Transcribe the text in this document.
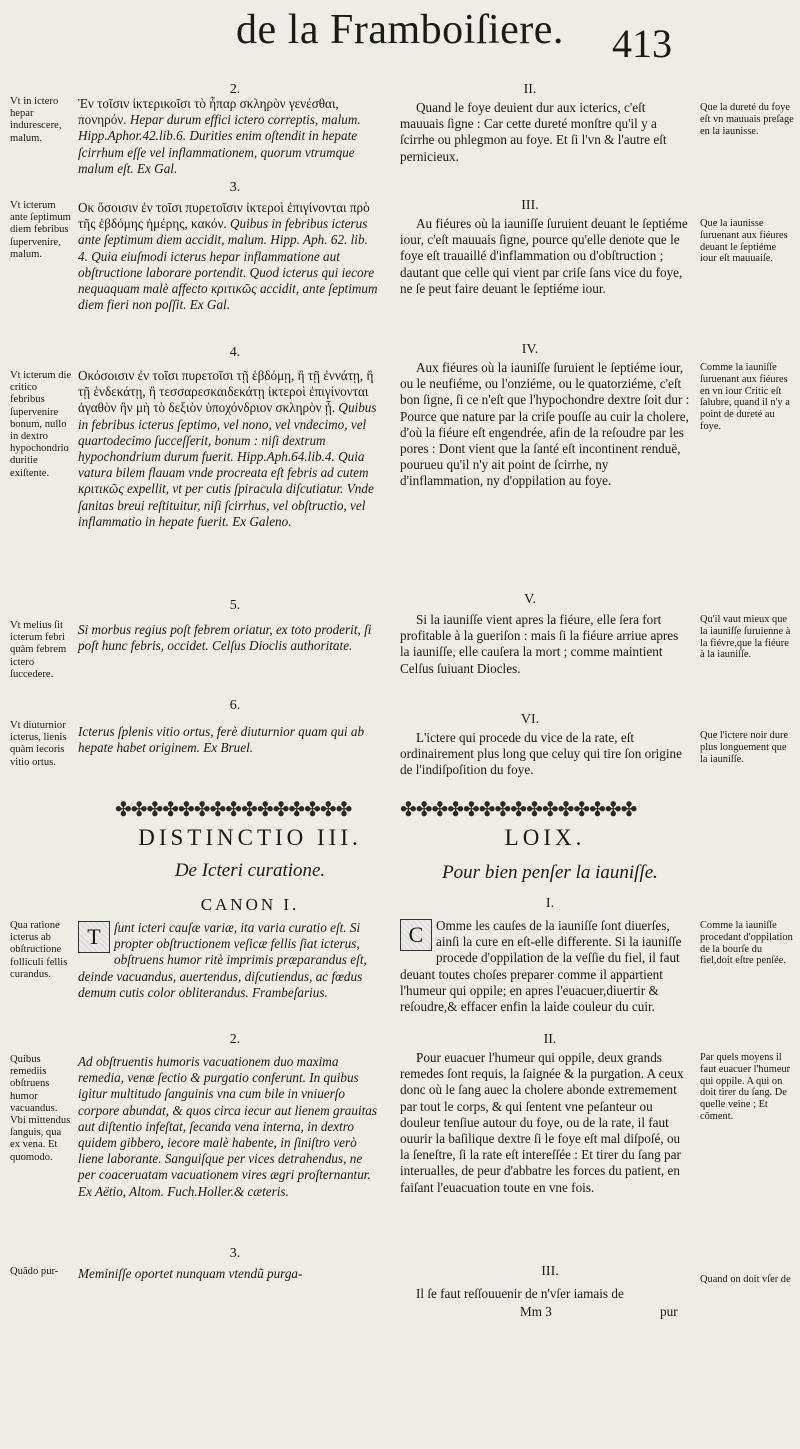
de la Framboiſiere.	413
2.
Vt in ictero hepar indurescere, malum.
Ἐν τοῖσιν ἰκτερικοῖσι τὸ ἧπαρ σκληρὸν γενέσθαι, πονηρόν. Hepar durum effici ictero correptis, malum. Hipp.Aphor.42.lib.6. Durities enim oſtendit in hepate ſcirrhum eſſe vel inflammationem, quorum vtrumque malum eſt. Ex Gal.
3.
Vt icterum ante ſeptimum diem febribus ſupervenire, malum.
Οκ ὅσοισιν ἐν τοῖσι πυρετοῖσιν ἰκτεροὶ ἐπιγίνονται πρὸ τῆς ἑβδόμης ἡμέρης, κακόν. Quibus in febribus icterus ante ſeptimum diem accidit, malum. Hipp. Aph. 62. lib. 4. Quia eiuſmodi icterus hepar inflammatione aut obſtructione laborare portendit. Quod icterus qui iecore nequaquam malè affecto κριτικῶς accidit, ante ſeptimum diem fieri non poſſit. Ex Gal.
4.
Vt icterum die critico febribus ſupervenire bonum, nullo in dextro hypochondrio duritie exiſtente.
Οκόσοισιν ἐν τοῖσι πυρετοῖσι τῇ ἑβδόμῃ, ἢ τῇ ἐννάτῃ, ἢ τῇ ἑνδεκάτῃ, ἢ τεσσαρεσκαιδεκάτῃ ἰκτεροὶ ἐπιγίνονται ἀγαθὸν ἢν μὴ τὸ δεξιὸν ὑποχόνδριον σκληρὸν ᾖ. Quibus in febribus icterus ſeptimo, vel nono, vel vndecimo, vel quartodecimo ſucceſſerit, bonum : niſi dextrum hypochondrium durum fuerit. Hipp.Aph.64.lib.4. Quia vatura bilem flauam vnde procreata eſt febris ad cutem κριτικῶς expellit, vt per cutis ſpiracula diſcutiatur. Vnde ſanitas breui reſtituitur, niſi ſcirrhus, vel obſtructio, vel inflammatio in hepate fuerit. Ex Galeno.
5.
Vt melius ſit icterum febri quàm febrem ictero ſuccedere.
Si morbus regius poſt febrem oriatur, ex toto proderit, ſi poſt hunc febris, occidet. Celſus Dioclis authoritate.
6.
Vt diuturnior icterus, lienis quàm iecoris vitio ortus.
Icterus ſplenis vitio ortus, ferè diuturnior quam qui ab hepate habet originem. Ex Bruel.
✤✤✤✤✤✤✤✤✤✤✤✤✤✤✤
DISTINCTIO III.
De Icteri curatione.
CANON I.
Qua ratione icterus ab obſtructione folliculi fellis curandus.
T	ſunt icteri cauſæ variæ, ita varia curatio eſt. Si propter obſtructionem veſicæ fellis ſiat icterus, obſtruens humor ritè imprimis præparandus eſt, deinde vacuandus, auertendus, diſcutiendus, ac fœdus demum cutis color obliterandus. Frambeſarius.
2.
Quibus remediis obſtruens humor vacuandus. Vbi mittendus ſanguis, qua ex vena. Et quomodo.
Ad obſtruentis humoris vacuationem duo maxima remedia, venæ ſectio & purgatio conferunt. In quibus igitur multitudo ſanguinis vna cum bile in vniuerſo corpore abundat, & quos circa iecur aut lienem grauitas aut diſtentio infeſtat, ſecanda vena interna, in dextro quidem gibbero, iecore malè habente, in ſiniſtro verò liene laborante. Sanguiſque per vices detrahendus, ne per coaceruatam vacuationem vires ægri proſternantur. Ex Aëtio, Altom. Fuch.Holler.& cæteris.
3.
Quãdo pur-	Meminiſſe oportet nunquam vtendũ purga-
II.
Quand le foye deuient dur aux icterics, c'eſt mauuais ſigne : Car cette dureté monſtre qu'il y a ſcirrhe ou phlegmon au foye. Et ſi l'vn & l'autre eſt pernicieux.
Que la dureté du foye eſt vn mauuais preſage en la iaunisse.
III.
Au fiéures où la iauniſſe ſuruient deuant le ſeptiéme iour, c'eſt mauuais ſigne, pource qu'elle denote que le foye eſt trauaillé d'inflammation ou d'obſtruction ; dautant que celle qui vient par criſe ſans vice du foye, ne ſe peut faire deuant le ſeptiéme iour.
Que la iaunisse ſuruenant aux fiéures deuant le ſeptiéme iour eſt mauuaiſe.
IV.
Aux fiéures où la iauniſſe ſuruient le ſeptiéme iour, ou le neufiéme, ou l'onziéme, ou le quatorziéme, c'eſt bon ſigne, ſi ce n'eſt que l'hypochondre dextre ſoit dur : Pource que nature par la criſe pouſſe au cuir la cholere, d'où la fiéure eſt engendrée, afin de la reſoudre par les pores : Dont vient que la ſanté eſt incontinent renduë, pourueu qu'il n'y ait point de ſcirrhe, ny d'inflammation, ny d'oppilation au foye.
Comme la iauniſſe ſuruenant aux fiéures en vn iour Critic eſt ſalubre, quand il n'y a point de dureté au foye.
V.
Si la iauniſſe vient apres la fiéure, elle ſera fort profitable à la gueriſon : mais ſi la fiéure arriue apres la iauniſſe, elle cauſera la mort ; comme maintient Celſus ſuiuant Diocles.
Qu'il vaut mieux que la iauniſſe ſuruienne à la fiévre,que la fiéure à la iauniſſe.
VI.
L'ictere qui procede du vice de la rate, eſt ordinairement plus long que celuy qui tire ſon origine de l'indiſpoſition du foye.
Que l'ictere noir dure plus longuement que la iauniſſe.
✤✤✤✤✤✤✤✤✤✤✤✤✤✤✤
LOIX.
Pour bien penſer la iauniſſe.
I.
C Omme les cauſes de la iauniſſe ſont diuerſes, ainſi la cure en eſt-elle differente. Si la iauniſſe procede d'oppilation de la veſſie du fiel, il faut deuant toutes choſes preparer comme il appartient l'humeur qui oppile; en apres l'euacuer,diuertir & reſoudre,& effacer enfin la laide couleur du cuir.
Comme la iauniſſe procedant d'oppilation de la bourſe du fiel,doit eſtre penſée.
II.
Pour euacuer l'humeur qui oppile, deux grands remedes ſont requis, la ſaignée & la purgation. A ceux donc où le ſang auec la cholere abonde extremement par tout le corps, & qui ſentent vne peſanteur ou douleur tenſiue autour du foye, ou de la rate, il faut ouurir la baſilique dextre ſi le foye eſt mal diſpoſé, ou la ſeneſtre, ſi la rate eſt intereſſée : Et tirer du ſang par interualles, de peur d'abbatre les forces du patient, en faiſant l'euacuation toute en vne fois.
Par quels moyens il faut euacuer l'humeur qui oppile. A qui on doit tirer du ſang. De quelle veine ; Et cõment.
III.
Il ſe faut reſſouuenir de n'vſer iamais de
Quand on doit vſer de
Mm 3	pur
